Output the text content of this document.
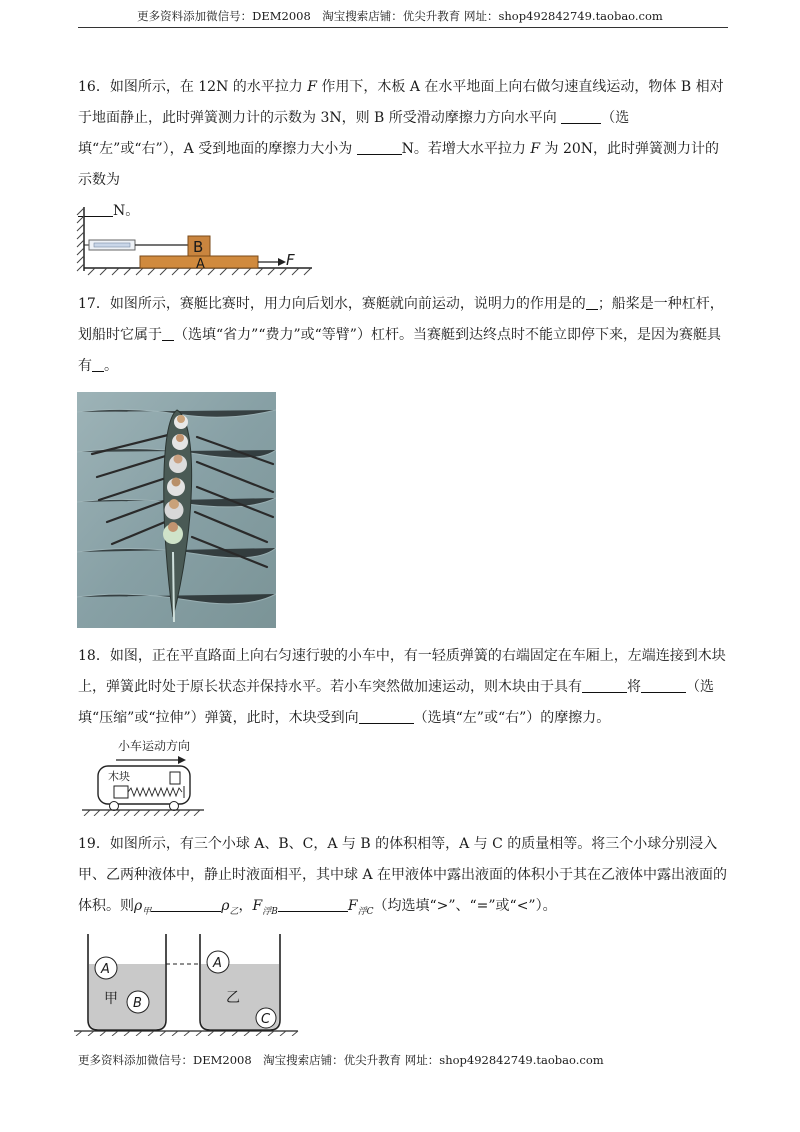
更多资料添加微信号：DEM2008　淘宝搜索店铺：优尖升教育 网址：shop492842749.taobao.com
16．如图所示，在 12N 的水平拉力 F 作用下，木板 A 在水平地面上向右做匀速直线运动，物体 B 相对于地面静止，此时弹簧测力计的示数为 3N，则 B 所受滑动摩擦力方向水平向	（选填“左”或“右”），A 受到地面的摩擦力大小为	N。若增大水平拉力 F 为 20N，此时弹簧测力计的示数为
N。
B
A	F
17．如图所示，赛艇比赛时，用力向后划水，赛艇就向前运动，说明力的作用是的 ；船桨是一种杠杆，划船时它属于 （选填“省力”“费力”或“等臂”）杠杆。当赛艇到达终点时不能立即停下来，是因为赛艇具有 。
18．如图，正在平直路面上向右匀速行驶的小车中，有一轻质弹簧的右端固定在车厢上，左端连接到木块上，弹簧此时处于原长状态并保持水平。若小车突然做加速运动，则木块由于具有	将	（选填“压缩”或“拉伸”）弹簧，此时，木块受到向	（选填“左”或“右”）的摩擦力。
小车运动方向
木块
19．如图所示，有三个小球 A、B、C，A 与 B 的体积相等，A 与 C 的质量相等。将三个小球分别浸入甲、乙两种液体中，静止时液面相平，其中球 A 在甲液体中露出液面的体积小于其在乙液体中露出液面的体积。则$\rho_甲$	$\rho_乙$，$F_{浮B}$	$F_{浮C}$（均选填“>”、“=”或“<”）。
A
甲 B
A
乙
C
更多资料添加微信号：DEM2008　淘宝搜索店铺：优尖升教育 网址：shop492842749.taobao.com
